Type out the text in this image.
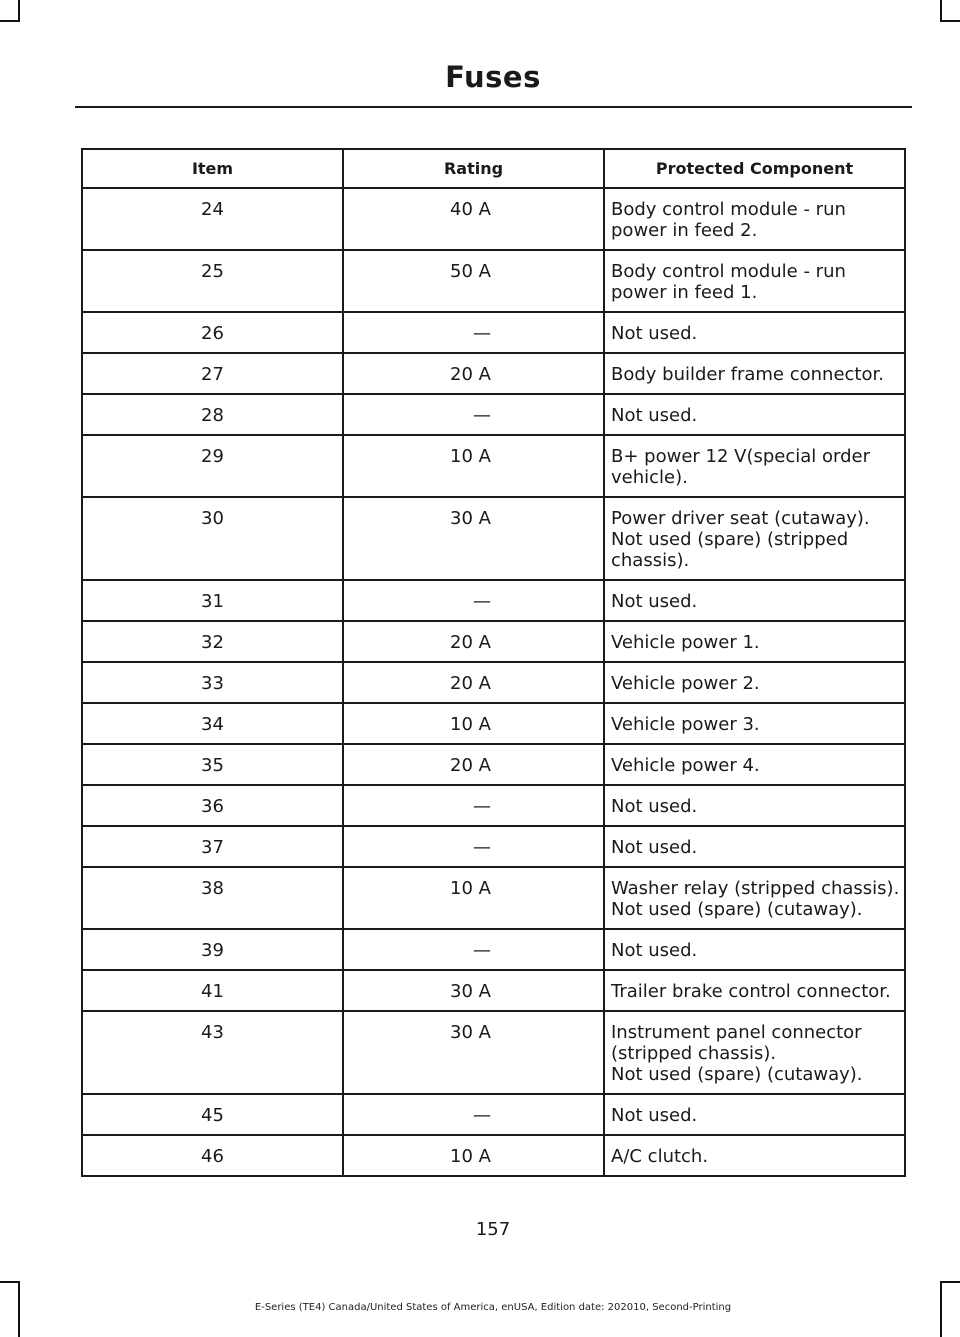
Fuses
Item	Rating	Protected Component
24	40 A	Body control module - run power in feed 2.

25	50 A	Body control module - run power in feed 1.

26	—	Not used.

27	20 A	Body builder frame connector.

28	—	Not used.

29	10 A	B+ power 12 V(special order vehicle).

30	30 A	Power driver seat (cutaway).
Not used (spare) (stripped chassis).

31	—	Not used.

32	20 A	Vehicle power 1.

33	20 A	Vehicle power 2.

34	10 A	Vehicle power 3.

35	20 A	Vehicle power 4.

36	—	Not used.

37	—	Not used.

38	10 A	Washer relay (stripped chassis).
Not used (spare) (cutaway).

39	—	Not used.

41	30 A	Trailer brake control connector.

43	30 A	Instrument panel connector (stripped chassis).
Not used (spare) (cutaway).

45	—	Not used.

46	10 A	A/C clutch.
157
E-Series (TE4) Canada/United States of America, enUSA, Edition date: 202010, Second-Printing
